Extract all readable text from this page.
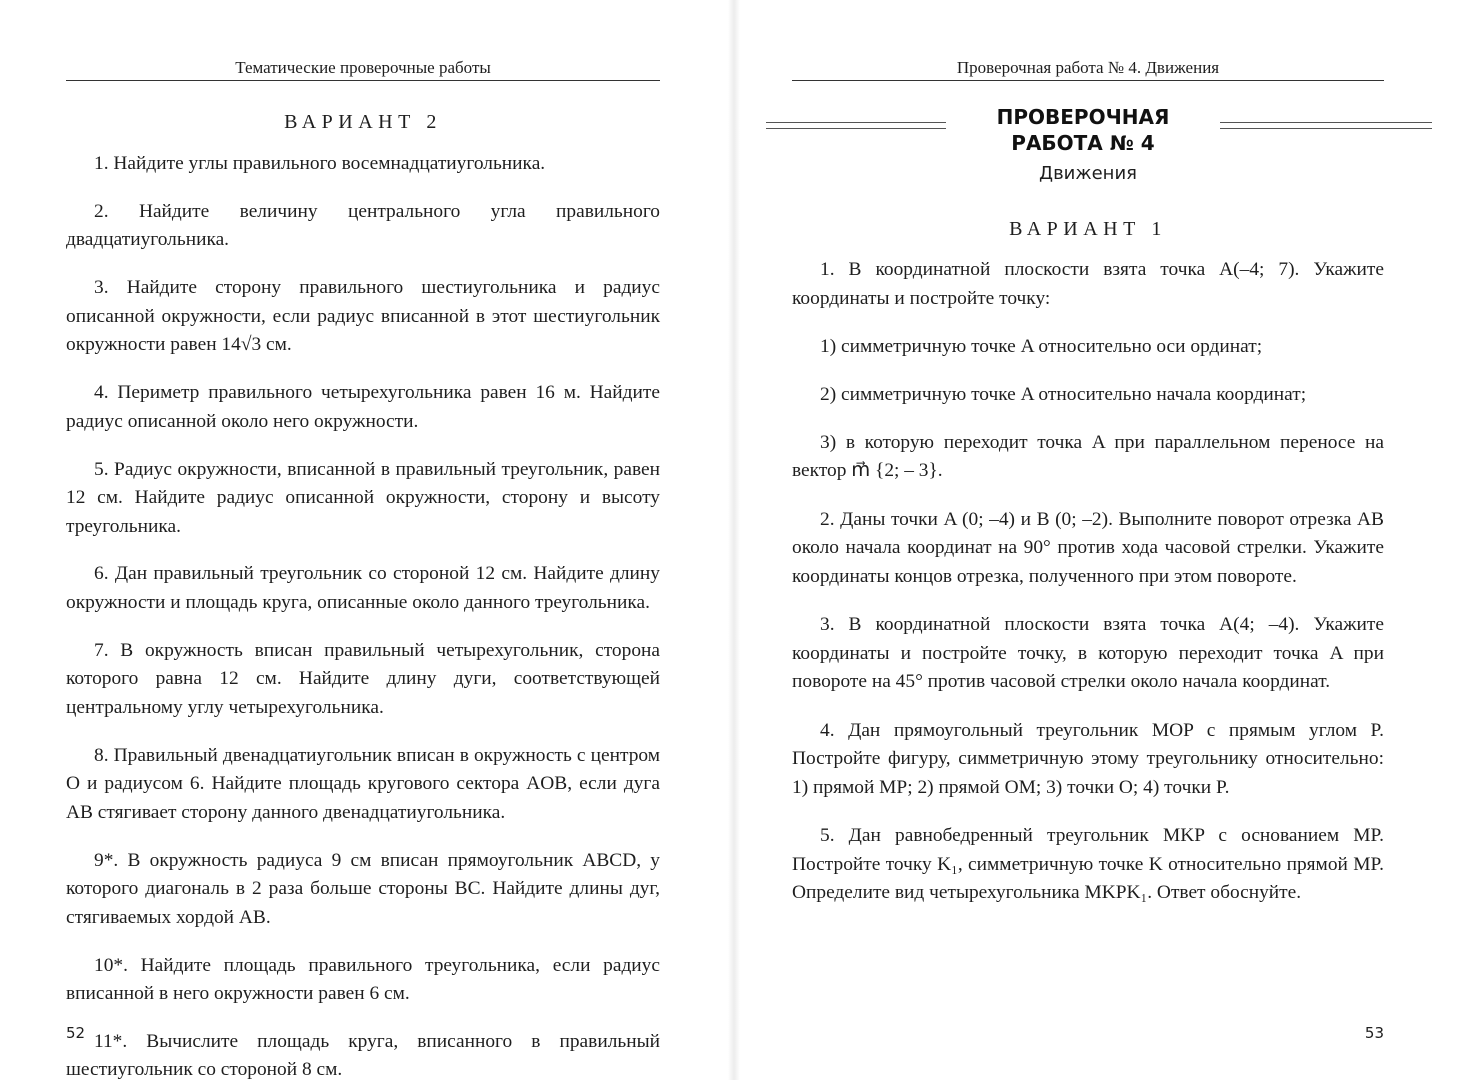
Тематические проверочные работы
ВАРИАНТ 2

1. Найдите углы правильного восемнадцатиугольника.

2. Найдите величину центрального угла правильного двадцатиугольника.

3. Найдите сторону правильного шестиугольника и радиус описанной окружности, если радиус вписанной в этот шестиугольник окружности равен 14√3 см.

4. Периметр правильного четырехугольника равен 16 м. Найдите радиус описанной около него окружности.

5. Радиус окружности, вписанной в правильный треугольник, равен 12 см. Найдите радиус описанной окружности, сторону и высоту треугольника.

6. Дан правильный треугольник со стороной 12 см. Найдите длину окружности и площадь круга, описанные около данного треугольника.

7. В окружность вписан правильный четырехугольник, сторона которого равна 12 см. Найдите длину дуги, соответствующей центральному углу четырехугольника.

8. Правильный двенадцатиугольник вписан в окружность с центром O и радиусом 6. Найдите площадь кругового сектора AOB, если дуга AB стягивает сторону данного двенадцатиугольника.

9*. В окружность радиуса 9 см вписан прямоугольник ABCD, у которого диагональ в 2 раза больше стороны BC. Найдите длины дуг, стягиваемых хордой AB.

10*. Найдите площадь правильного треугольника, если радиус вписанной в него окружности равен 6 см.

11*. Вычислите площадь круга, вписанного в правильный шестиугольник со стороной 8 см.

52
Проверочная работа № 4. Движения
ПРОВЕРОЧНАЯ РАБОТА № 4
Движения
ВАРИАНТ 1

1. В координатной плоскости взята точка A(–4; 7). Укажите координаты и постройте точку:

1) симметричную точке A относительно оси ординат;

2) симметричную точке A относительно начала координат;

3) в которую переходит точка A при параллельном переносе на вектор m⃗ {2; – 3}.

2. Даны точки A (0; –4) и B (0; –2). Выполните поворот отрезка AB около начала координат на 90° против хода часовой стрелки. Укажите координаты концов отрезка, полученного при этом повороте.

3. В координатной плоскости взята точка A(4; –4). Укажите координаты и постройте точку, в которую переходит точка A при повороте на 45° против часовой стрелки около начала координат.

4. Дан прямоугольный треугольник MOP с прямым углом P. Постройте фигуру, симметричную этому треугольнику относительно: 1) прямой MP; 2) прямой OM; 3) точки O; 4) точки P.

5. Дан равнобедренный треугольник MKP с основанием MP. Постройте точку K₁, симметричную точке K относительно прямой MP. Определите вид четырехугольника MKPK₁. Ответ обоснуйте.

53
